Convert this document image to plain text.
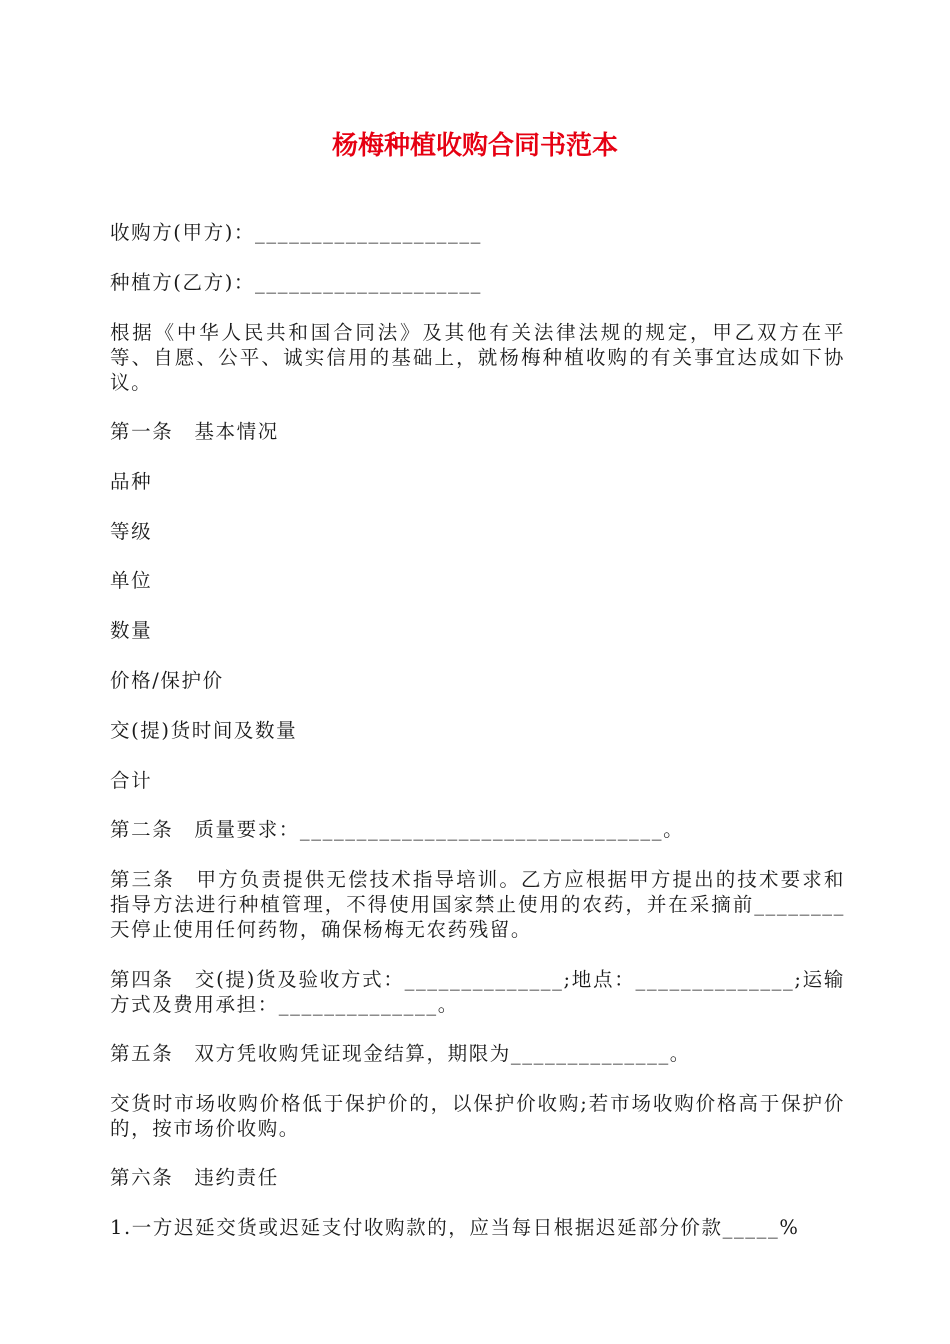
杨梅种植收购合同书范本

收购方(甲方)：____________________

种植方(乙方)：____________________

根据《中华人民共和国合同法》及其他有关法律法规的规定，甲乙双方在平等、自愿、公平、诚实信用的基础上，就杨梅种植收购的有关事宜达成如下协议。

第一条　基本情况

品种

等级

单位

数量

价格/保护价

交(提)货时间及数量

合计

第二条　质量要求：________________________________。

第三条　甲方负责提供无偿技术指导培训。乙方应根据甲方提出的技术要求和指导方法进行种植管理，不得使用国家禁止使用的农药，并在采摘前________天停止使用任何药物，确保杨梅无农药残留。

第四条　交(提)货及验收方式：______________;地点：______________;运输方式及费用承担：______________。

第五条　双方凭收购凭证现金结算，期限为______________。

交货时市场收购价格低于保护价的，以保护价收购;若市场收购价格高于保护价的，按市场价收购。

第六条　违约责任

1.一方迟延交货或迟延支付收购款的，应当每日根据迟延部分价款_____%
